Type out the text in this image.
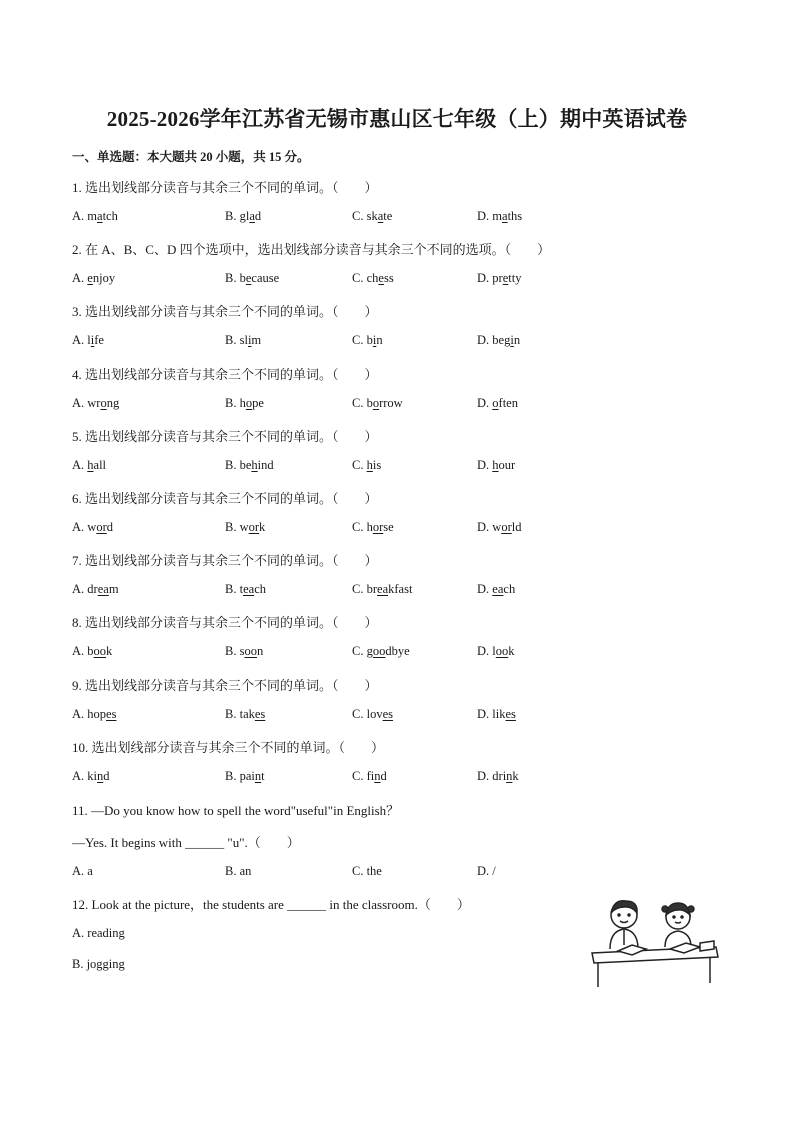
2025-2026学年江苏省无锡市惠山区七年级（上）期中英语试卷
一、单选题：本大题共 20 小题，共 15 分。
1. 选出划线部分读音与其余三个不同的单词。（　　）
A. match	B. glad	C. skate	D. maths
2. 在 A、B、C、D 四个选项中，选出划线部分读音与其余三个不同的选项。（　　）
A. enjoy	B. because	C. chess	D. pretty
3. 选出划线部分读音与其余三个不同的单词。（　　）
A. life	B. slim	C. bin	D. begin
4. 选出划线部分读音与其余三个不同的单词。（　　）
A. wrong	B. hope	C. borrow	D. often
5. 选出划线部分读音与其余三个不同的单词。（　　）
A. hall	B. behind	C. his	D. hour
6. 选出划线部分读音与其余三个不同的单词。（　　）
A. word	B. work	C. horse	D. world
7. 选出划线部分读音与其余三个不同的单词。（　　）
A. dream	B. teach	C. breakfast	D. each
8. 选出划线部分读音与其余三个不同的单词。（　　）
A. book	B. soon	C. goodbye	D. look
9. 选出划线部分读音与其余三个不同的单词。（　　）
A. hopes	B. takes	C. loves	D. likes
10. 选出划线部分读音与其余三个不同的单词。（　　）
A. kind	B. paint	C. find	D. drink
11. —Do you know how to spell the word"useful"in English？
—Yes. It begins with ______ "u".（　　）
A. a	B. an	C. the	D. /
12. Look at the picture，the students are ______ in the classroom.（　　）
A. reading
B. jogging
